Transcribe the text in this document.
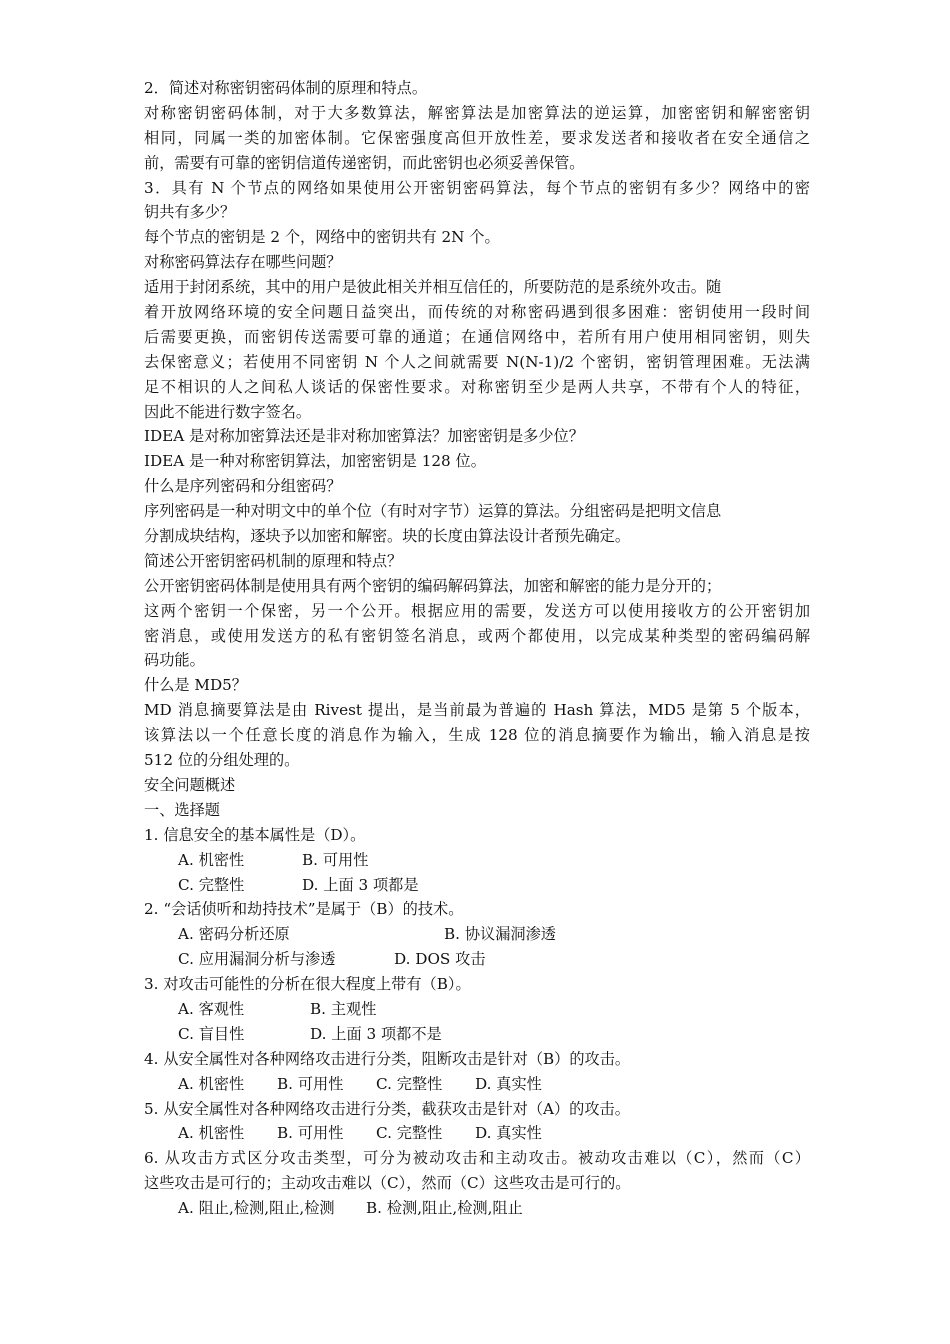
2．简述对称密钥密码体制的原理和特点。
对称密钥密码体制，对于大多数算法，解密算法是加密算法的逆运算，加密密钥和解密密钥
相同，同属一类的加密体制。它保密强度高但开放性差，要求发送者和接收者在安全通信之
前，需要有可靠的密钥信道传递密钥，而此密钥也必须妥善保管。
3．具有 N 个节点的网络如果使用公开密钥密码算法，每个节点的密钥有多少？网络中的密
钥共有多少？
每个节点的密钥是 2 个，网络中的密钥共有 2N 个。
对称密码算法存在哪些问题？
适用于封闭系统，其中的用户是彼此相关并相互信任的，所要防范的是系统外攻击。随
着开放网络环境的安全问题日益突出，而传统的对称密码遇到很多困难：密钥使用一段时间
后需要更换，而密钥传送需要可靠的通道；在通信网络中，若所有用户使用相同密钥，则失
去保密意义；若使用不同密钥 N 个人之间就需要 N(N-1)/2 个密钥，密钥管理困难。无法满
足不相识的人之间私人谈话的保密性要求。对称密钥至少是两人共享，不带有个人的特征，
因此不能进行数字签名。
IDEA 是对称加密算法还是非对称加密算法？加密密钥是多少位？
IDEA 是一种对称密钥算法，加密密钥是 128 位。
什么是序列密码和分组密码？
序列密码是一种对明文中的单个位（有时对字节）运算的算法。分组密码是把明文信息
分割成块结构，逐块予以加密和解密。块的长度由算法设计者预先确定。
简述公开密钥密码机制的原理和特点？
公开密钥密码体制是使用具有两个密钥的编码解码算法，加密和解密的能力是分开的；
这两个密钥一个保密，另一个公开。根据应用的需要，发送方可以使用接收方的公开密钥加
密消息，或使用发送方的私有密钥签名消息，或两个都使用，以完成某种类型的密码编码解
码功能。
什么是 MD5？
MD 消息摘要算法是由 Rivest 提出，是当前最为普遍的 Hash 算法，MD5 是第 5 个版本，
该算法以一个任意长度的消息作为输入，生成 128 位的消息摘要作为输出，输入消息是按
512 位的分组处理的。
安全问题概述
一、选择题
1. 信息安全的基本属性是（D）。
A. 机密性	B. 可用性
C. 完整性	D. 上面 3 项都是
2. “会话侦听和劫持技术”是属于（B）的技术。
A. 密码分析还原	B. 协议漏洞渗透
C. 应用漏洞分析与渗透	D. DOS 攻击
3. 对攻击可能性的分析在很大程度上带有（B）。
A. 客观性	B. 主观性
C. 盲目性	D. 上面 3 项都不是
4. 从安全属性对各种网络攻击进行分类，阻断攻击是针对（B）的攻击。
A. 机密性 B. 可用性 C. 完整性 D. 真实性
5. 从安全属性对各种网络攻击进行分类，截获攻击是针对（A）的攻击。
A. 机密性 B. 可用性 C. 完整性 D. 真实性
6. 从攻击方式区分攻击类型，可分为被动攻击和主动攻击。被动攻击难以（C），然而（C）
这些攻击是可行的；主动攻击难以（C），然而（C）这些攻击是可行的。
A. 阻止,检测,阻止,检测 B. 检测,阻止,检测,阻止
